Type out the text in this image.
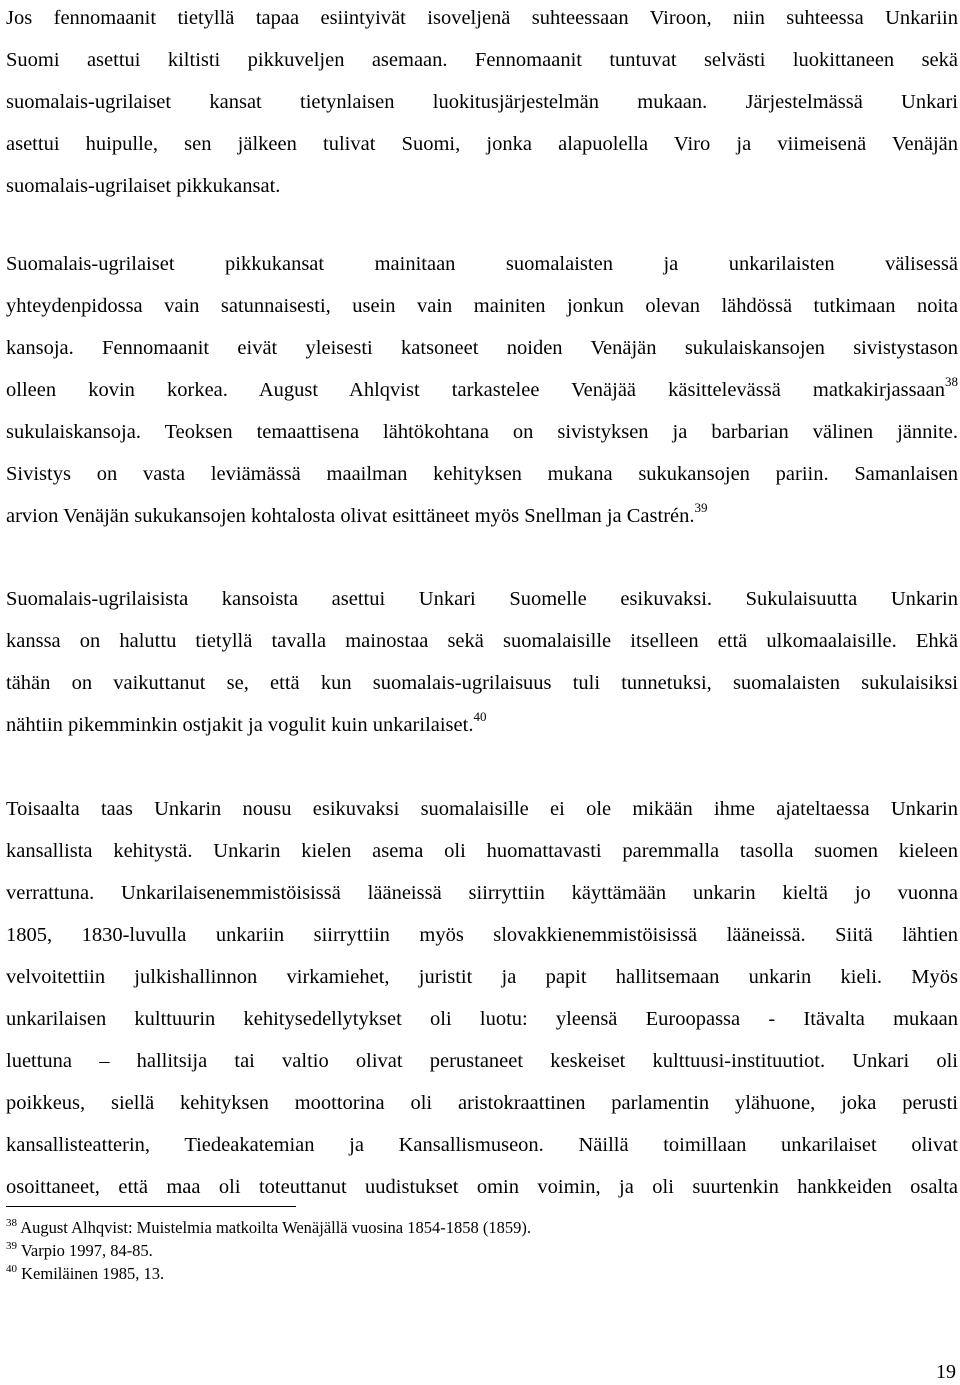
Jos fennomaanit tietyllä tapaa esiintyivät isoveljenä suhteessaan Viroon, niin suhteessa Unkariin
Suomi asettui kiltisti pikkuveljen asemaan. Fennomaanit tuntuvat selvästi luokittaneen sekä
suomalais-ugrilaiset kansat tietynlaisen luokitusjärjestelmän mukaan. Järjestelmässä Unkari
asettui huipulle, sen jälkeen tulivat Suomi, jonka alapuolella Viro ja viimeisenä Venäjän
suomalais-ugrilaiset pikkukansat.

Suomalais-ugrilaiset pikkukansat mainitaan suomalaisten ja unkarilaisten välisessä
yhteydenpidossa vain satunnaisesti, usein vain mainiten jonkun olevan lähdössä tutkimaan noita
kansoja. Fennomaanit eivät yleisesti katsoneet noiden Venäjän sukulaiskansojen sivistystason
olleen kovin korkea. August Ahlqvist tarkastelee Venäjää käsittelevässä matkakirjassaan$^{38}$
sukulaiskansoja. Teoksen temaattisena lähtökohtana on sivistyksen ja barbarian välinen jännite.
Sivistys on vasta leviämässä maailman kehityksen mukana sukukansojen pariin. Samanlaisen
arvion Venäjän sukukansojen kohtalosta olivat esittäneet myös Snellman ja Castrén.$^{39}$

Suomalais-ugrilaisista kansoista asettui Unkari Suomelle esikuvaksi. Sukulaisuutta Unkarin
kanssa on haluttu tietyllä tavalla mainostaa sekä suomalaisille itselleen että ulkomaalaisille. Ehkä
tähän on vaikuttanut se, että kun suomalais-ugrilaisuus tuli tunnetuksi, suomalaisten sukulaisiksi
nähtiin pikemminkin ostjakit ja vogulit kuin unkarilaiset.$^{40}$

Toisaalta taas Unkarin nousu esikuvaksi suomalaisille ei ole mikään ihme ajateltaessa Unkarin
kansallista kehitystä. Unkarin kielen asema oli huomattavasti paremmalla tasolla suomen kieleen
verrattuna. Unkarilaisenemmistöisissä lääneissä siirryttiin käyttämään unkarin kieltä jo vuonna
1805, 1830-luvulla unkariin siirryttiin myös slovakkienemmistöisissä lääneissä. Siitä lähtien
velvoitettiin julkishallinnon virkamiehet, juristit ja papit hallitsemaan unkarin kieli. Myös
unkarilaisen kulttuurin kehitysedellytykset oli luotu: yleensä Euroopassa - Itävalta mukaan
luettuna – hallitsija tai valtio olivat perustaneet keskeiset kulttuusi-instituutiot. Unkari oli
poikkeus, siellä kehityksen moottorina oli aristokraattinen parlamentin ylähuone, joka perusti
kansallisteatterin, Tiedeakatemian ja Kansallismuseon. Näillä toimillaan unkarilaiset olivat
osoittaneet, että maa oli toteuttanut uudistukset omin voimin, ja oli suurtenkin hankkeiden osalta

$^{38}$ August Alhqvist: Muistelmia matkoilta Wenäjällä vuosina 1854-1858 (1859).
$^{39}$ Varpio 1997, 84-85.
$^{40}$ Kemiläinen 1985, 13.
19
